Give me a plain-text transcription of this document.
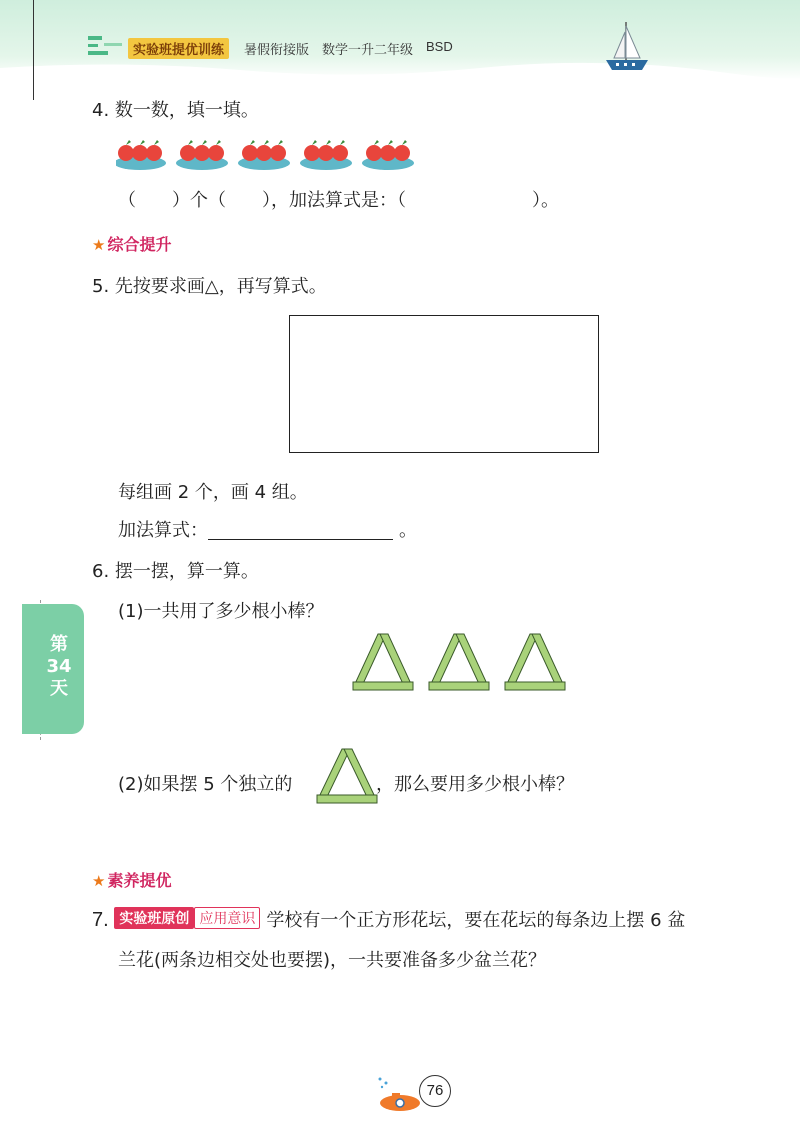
实验班提优训练	暑假衔接版 数学一升二年级 BSD
4. 数一数，填一填。
（　　）个（　　），加法算式是：（　　　　　　　）。
★ 综合提升
5. 先按要求画△，再写算式。
每组画 2 个，画 4 组。
加法算式：	。
6. 摆一摆，算一算。
(1)一共用了多少根小棒？
(2)如果摆 5 个独立的	，那么要用多少根小棒？
第34天
★ 素养提优
7. 实验班原创 应用意识 学校有一个正方形花坛，要在花坛的每条边上摆 6 盆
兰花(两条边相交处也要摆)，一共要准备多少盆兰花？
76
